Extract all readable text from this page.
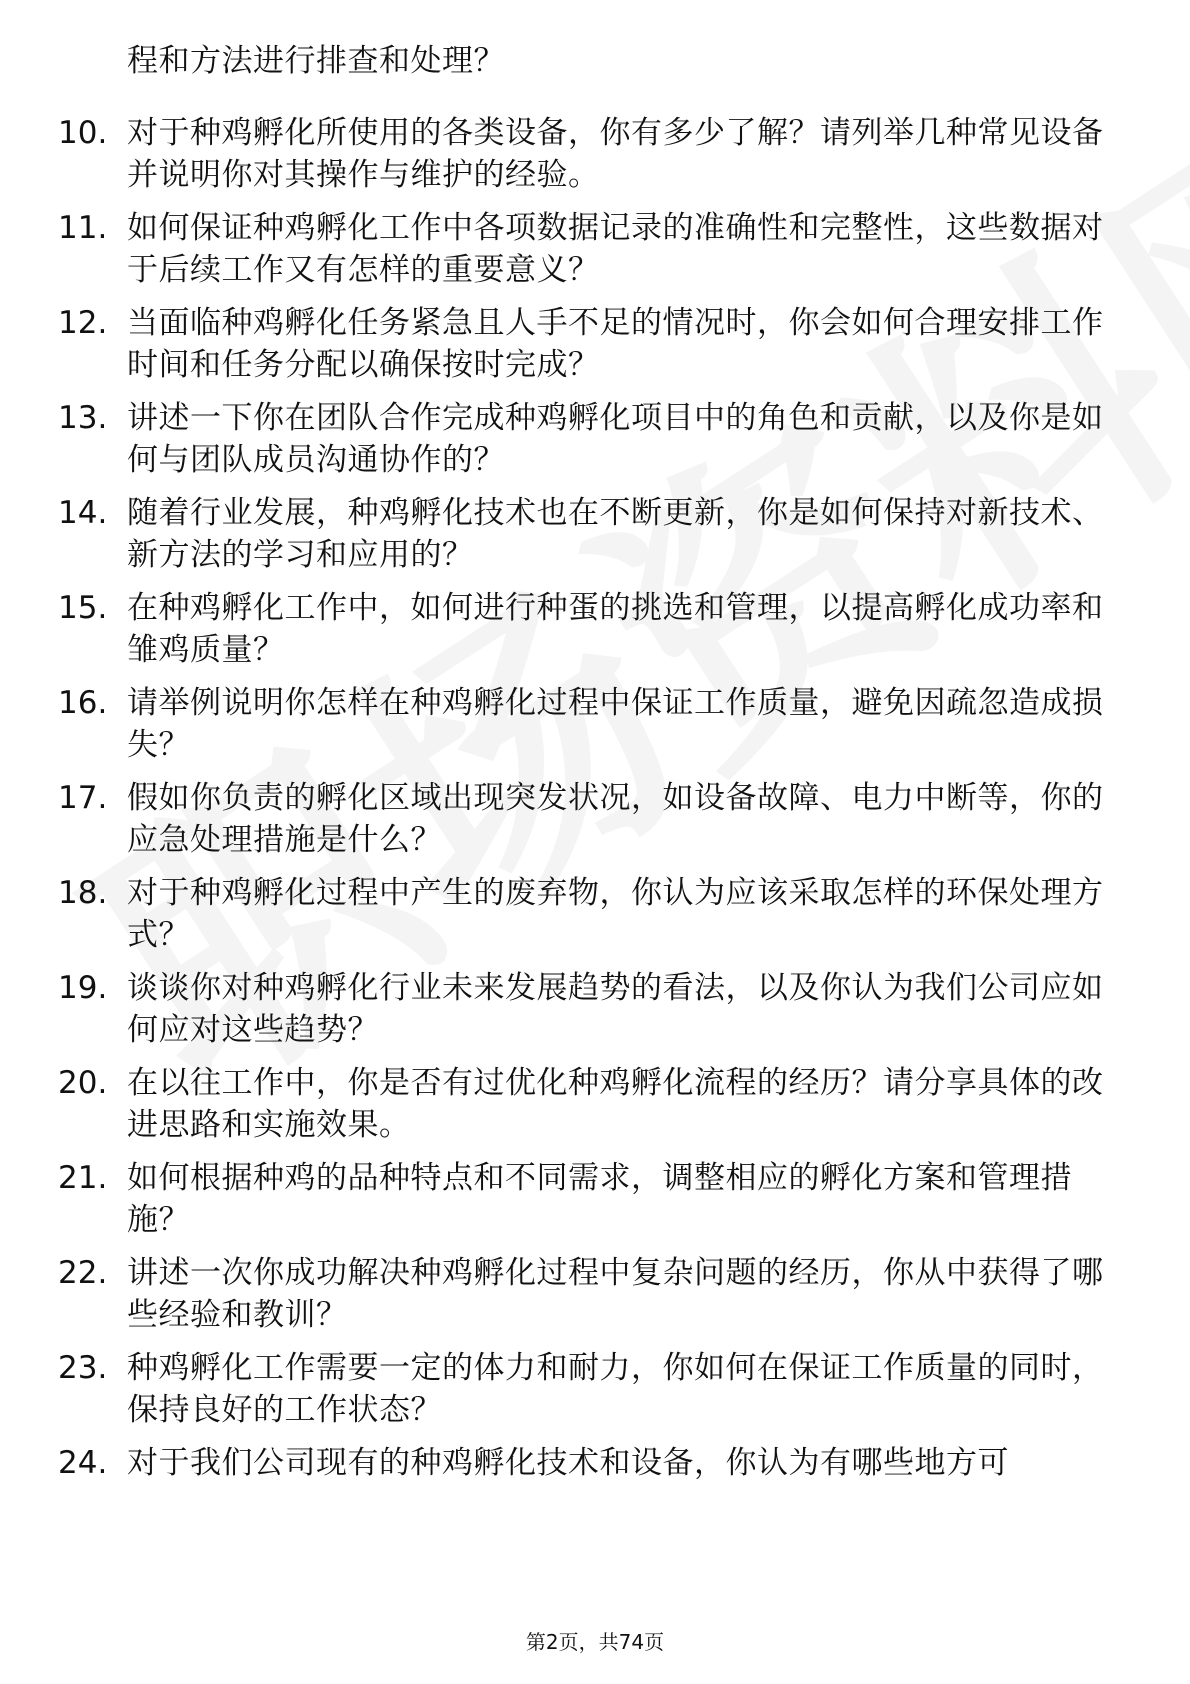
程和方法进行排查和处理？
10. 对于种鸡孵化所使用的各类设备，你有多少了解？请列举几种常见设备并说明你对其操作与维护的经验。
11. 如何保证种鸡孵化工作中各项数据记录的准确性和完整性，这些数据对于后续工作又有怎样的重要意义？
12. 当面临种鸡孵化任务紧急且人手不足的情况时，你会如何合理安排工作时间和任务分配以确保按时完成？
13. 讲述一下你在团队合作完成种鸡孵化项目中的角色和贡献，以及你是如何与团队成员沟通协作的？
14. 随着行业发展，种鸡孵化技术也在不断更新，你是如何保持对新技术、新方法的学习和应用的？
15. 在种鸡孵化工作中，如何进行种蛋的挑选和管理，以提高孵化成功率和雏鸡质量？
16. 请举例说明你怎样在种鸡孵化过程中保证工作质量，避免因疏忽造成损失？
17. 假如你负责的孵化区域出现突发状况，如设备故障、电力中断等，你的应急处理措施是什么？
18. 对于种鸡孵化过程中产生的废弃物，你认为应该采取怎样的环保处理方式？
19. 谈谈你对种鸡孵化行业未来发展趋势的看法，以及你认为我们公司应如何应对这些趋势？
20. 在以往工作中，你是否有过优化种鸡孵化流程的经历？请分享具体的改进思路和实施效果。
21. 如何根据种鸡的品种特点和不同需求，调整相应的孵化方案和管理措施？
22. 讲述一次你成功解决种鸡孵化过程中复杂问题的经历，你从中获得了哪些经验和教训？
23. 种鸡孵化工作需要一定的体力和耐力，你如何在保证工作质量的同时，保持良好的工作状态？
24. 对于我们公司现有的种鸡孵化技术和设备，你认为有哪些地方可
第2页，共74页
